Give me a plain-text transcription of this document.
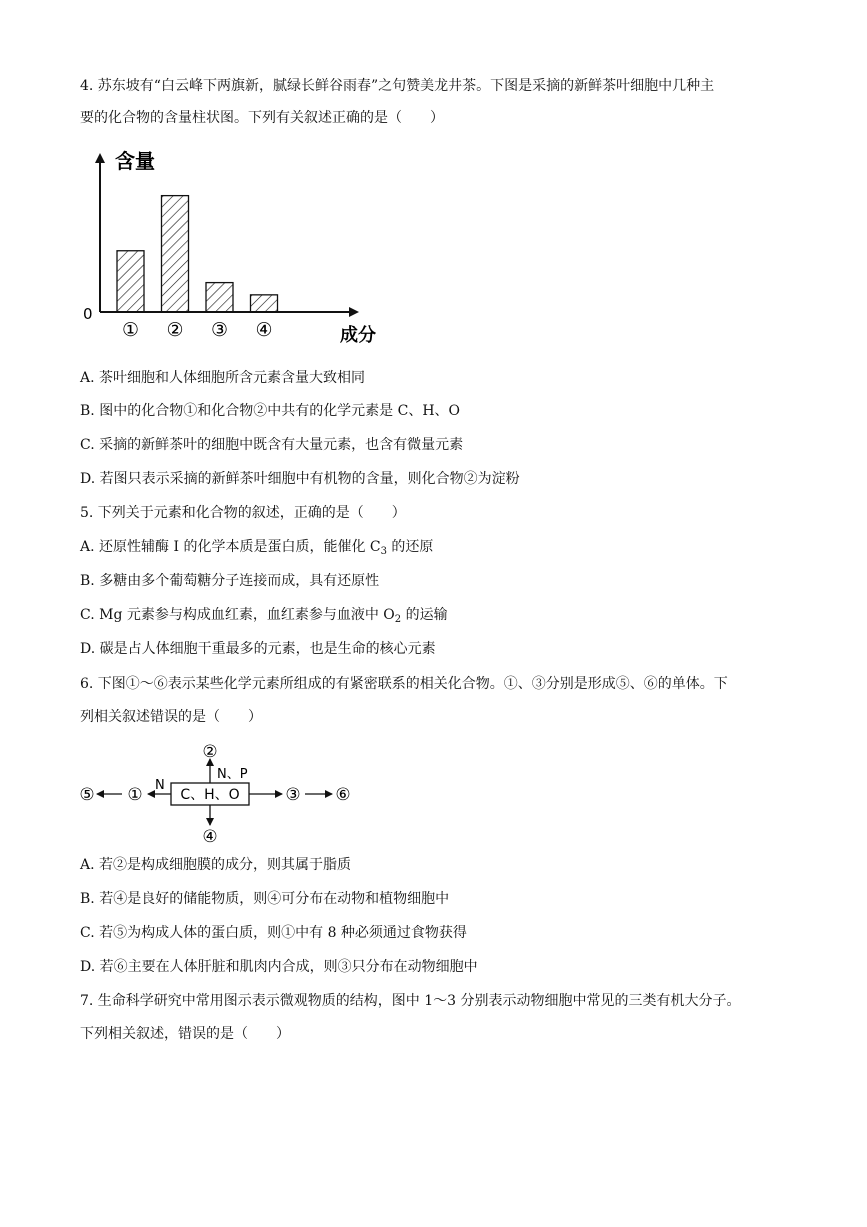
4. 苏东坡有“白云峰下两旗新，腻绿长鲜谷雨春”之句赞美龙井茶。下图是采摘的新鲜茶叶细胞中几种主
要的化合物的含量柱状图。下列有关叙述正确的是（　　）
含量
0
成分
① ② ③ ④
A. 茶叶细胞和人体细胞所含元素含量大致相同
B. 图中的化合物①和化合物②中共有的化学元素是 C、H、O
C. 采摘的新鲜茶叶的细胞中既含有大量元素，也含有微量元素
D. 若图只表示采摘的新鲜茶叶细胞中有机物的含量，则化合物②为淀粉
5. 下列关于元素和化合物的叙述，正确的是（　　）
A. 还原性辅酶 Ⅰ 的化学本质是蛋白质，能催化 $C_3$ 的还原
B. 多糖由多个葡萄糖分子连接而成，具有还原性
C. Mg 元素参与构成血红素，血红素参与血液中 $O_2$ 的运输
D. 碳是占人体细胞干重最多的元素，也是生命的核心元素
6. 下图①～⑥表示某些化学元素所组成的有紧密联系的相关化合物。①、③分别是形成⑤、⑥的单体。下
列相关叙述错误的是（　　）
C、H、O
②
N、P
N
①
⑤	③ ⑥
④
A. 若②是构成细胞膜的成分，则其属于脂质
B. 若④是良好的储能物质，则④可分布在动物和植物细胞中
C. 若⑤为构成人体的蛋白质，则①中有 8 种必须通过食物获得
D. 若⑥主要在人体肝脏和肌肉内合成，则③只分布在动物细胞中
7. 生命科学研究中常用图示表示微观物质的结构，图中 1～3 分别表示动物细胞中常见的三类有机大分子。
下列相关叙述，错误的是（　　）
